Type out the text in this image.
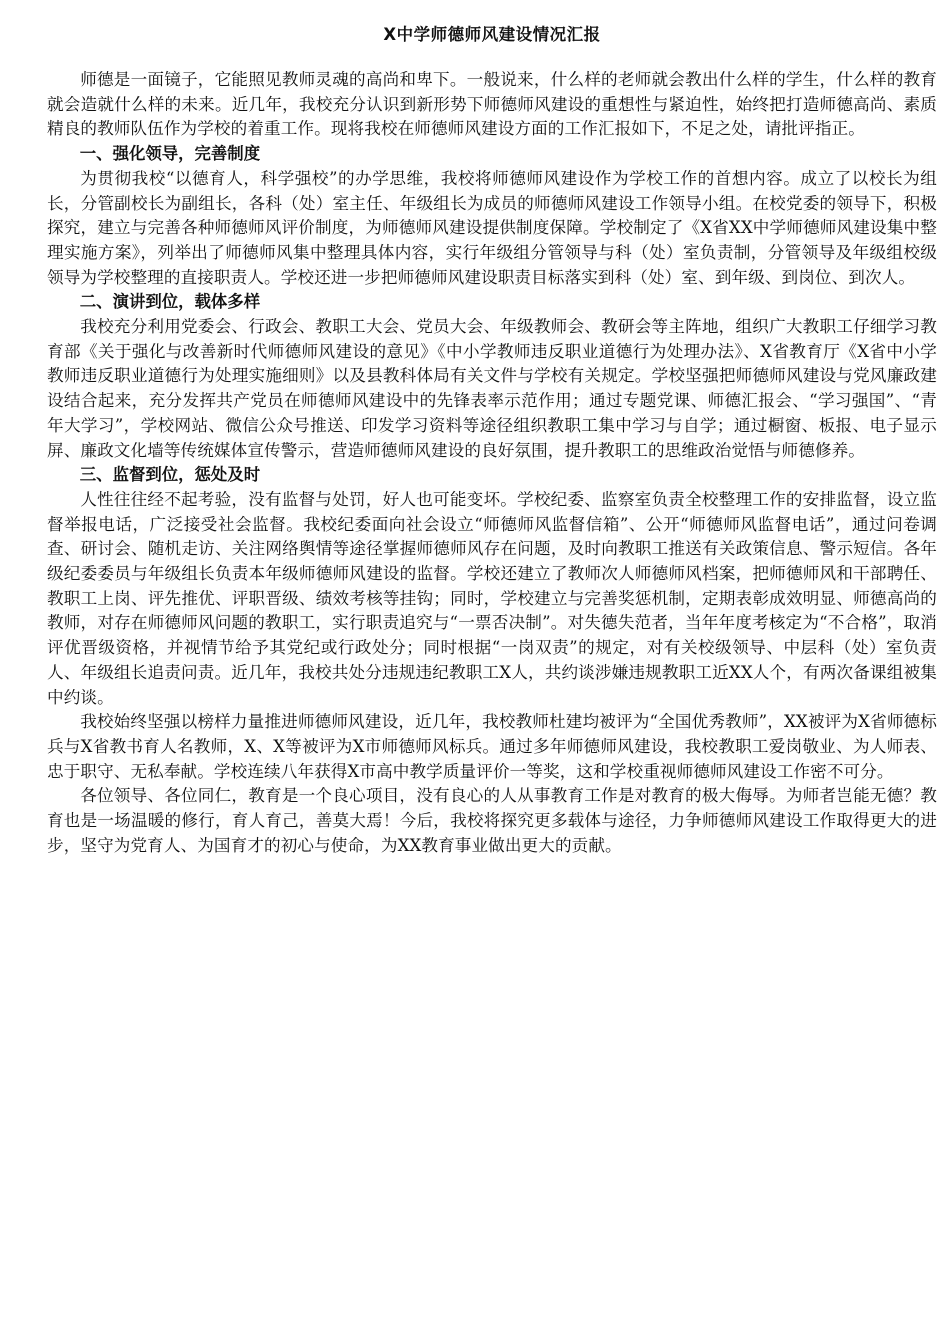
X中学师德师风建设情况汇报

师德是一面镜子，它能照见教师灵魂的高尚和卑下。一般说来，什么样的老师就会教出什么样的学生，什么样的教育就会造就什么样的未来。近几年，我校充分认识到新形势下师德师风建设的重想性与紧迫性，始终把打造师德高尚、素质精良的教师队伍作为学校的着重工作。现将我校在师德师风建设方面的工作汇报如下，不足之处，请批评指正。

一、强化领导，完善制度

为贯彻我校“以德育人，科学强校”的办学思维，我校将师德师风建设作为学校工作的首想内容。成立了以校长为组长，分管副校长为副组长，各科（处）室主任、年级组长为成员的师德师风建设工作领导小组。在校党委的领导下，积极探究，建立与完善各种师德师风评价制度，为师德师风建设提供制度保障。学校制定了《X省XX中学师德师风建设集中整理实施方案》，列举出了师德师风集中整理具体内容，实行年级组分管领导与科（处）室负责制，分管领导及年级组校级领导为学校整理的直接职责人。学校还进一步把师德师风建设职责目标落实到科（处）室、到年级、到岗位、到次人。

二、演讲到位，载体多样

我校充分利用党委会、行政会、教职工大会、党员大会、年级教师会、教研会等主阵地，组织广大教职工仔细学习教育部《关于强化与改善新时代师德师风建设的意见》《中小学教师违反职业道德行为处理办法》、X省教育厅《X省中小学教师违反职业道德行为处理实施细则》以及县教科体局有关文件与学校有关规定。学校坚强把师德师风建设与党风廉政建设结合起来，充分发挥共产党员在师德师风建设中的先锋表率示范作用；通过专题党课、师德汇报会、“学习强国”、“青年大学习”，学校网站、微信公众号推送、印发学习资料等途径组织教职工集中学习与自学；通过橱窗、板报、电子显示屏、廉政文化墙等传统媒体宣传警示，营造师德师风建设的良好氛围，提升教职工的思维政治觉悟与师德修养。

三、监督到位，惩处及时

人性往往经不起考验，没有监督与处罚，好人也可能变坏。学校纪委、监察室负责全校整理工作的安排监督，设立监督举报电话，广泛接受社会监督。我校纪委面向社会设立“师德师风监督信箱”、公开“师德师风监督电话”，通过问卷调查、研讨会、随机走访、关注网络舆情等途径掌握师德师风存在问题，及时向教职工推送有关政策信息、警示短信。各年级纪委委员与年级组长负责本年级师德师风建设的监督。学校还建立了教师次人师德师风档案，把师德师风和干部聘任、教职工上岗、评先推优、评职晋级、绩效考核等挂钩；同时，学校建立与完善奖惩机制，定期表彰成效明显、师德高尚的教师，对存在师德师风问题的教职工，实行职责追究与“一票否决制”。对失德失范者，当年年度考核定为“不合格”，取消评优晋级资格，并视情节给予其党纪或行政处分；同时根据“一岗双责”的规定，对有关校级领导、中层科（处）室负责人、年级组长追责问责。近几年，我校共处分违规违纪教职工X人，共约谈涉嫌违规教职工近XX人个，有两次备课组被集中约谈。

我校始终坚强以榜样力量推进师德师风建设，近几年，我校教师杜建均被评为“全国优秀教师”，XX被评为X省师德标兵与X省教书育人名教师，X、X等被评为X市师德师风标兵。通过多年师德师风建设，我校教职工爱岗敬业、为人师表、忠于职守、无私奉献。学校连续八年获得X市高中教学质量评价一等奖，这和学校重视师德师风建设工作密不可分。

各位领导、各位同仁，教育是一个良心项目，没有良心的人从事教育工作是对教育的极大侮辱。为师者岂能无德？教育也是一场温暖的修行，育人育己，善莫大焉！今后，我校将探究更多载体与途径，力争师德师风建设工作取得更大的进步，坚守为党育人、为国育才的初心与使命，为XX教育事业做出更大的贡献。
